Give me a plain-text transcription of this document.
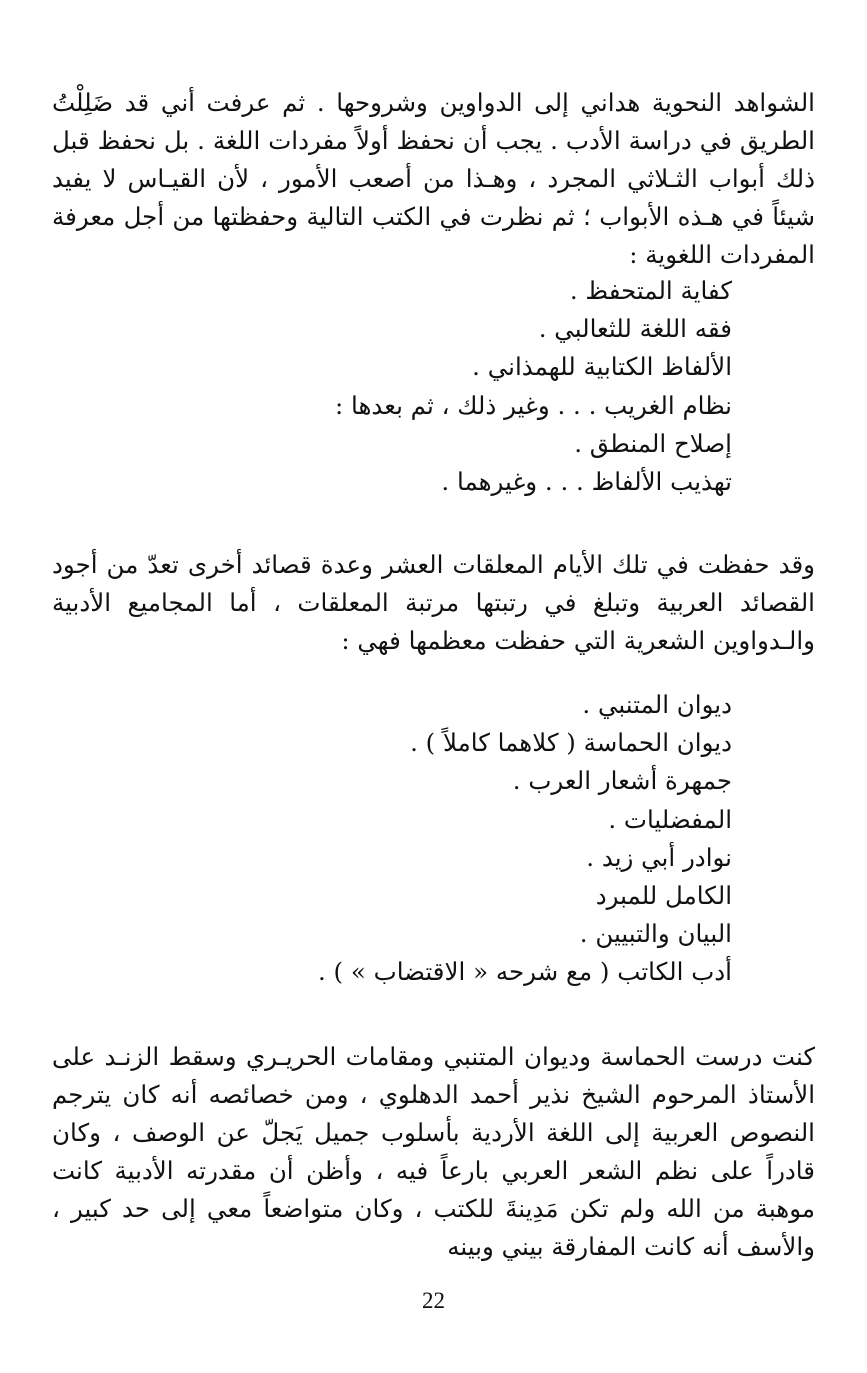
الشواهد النحوية هداني إلى الدواوين وشروحها . ثم عرفت أني قد ضَلِلْتُ الطريق في دراسة الأدب . يجب أن نحفظ أولاً مفردات اللغة . بل نحفظ قبل ذلك أبواب الثـلاثي المجرد ، وهـذا من أصعب الأمور ، لأن القيـاس لا يفيد شيئاً في هـذه الأبواب ؛ ثم نظرت في الكتب التالية وحفظتها من أجل معرفة المفردات اللغوية :

كفاية المتحفظ .
فقه اللغة للثعالبي .
الألفاظ الكتابية للهمذاني .
نظام الغريب . . . وغير ذلك ، ثم بعدها :
إصلاح المنطق .
تهذيب الألفاظ . . . وغيرهما .

وقد حفظت في تلك الأيام المعلقات العشر وعدة قصائد أخرى تعدّ من أجود القصائد العربية وتبلغ في رتبتها مرتبة المعلقات ، أما المجاميع الأدبية والـدواوين الشعرية التي حفظت معظمها فهي :

ديوان المتنبي .
ديوان الحماسة ( كلاهما كاملاً ) .
جمهرة أشعار العرب .
المفضليات .
نوادر أبي زيد .
الكامل للمبرد
البيان والتبيين .
أدب الكاتب ( مع شرحه « الاقتضاب » ) .

كنت درست الحماسة وديوان المتنبي ومقامات الحريـري وسقط الزنـد على الأستاذ المرحوم الشيخ نذير أحمد الدهلوي ، ومن خصائصه أنه كان يترجم النصوص العربية إلى اللغة الأردية بأسلوب جميل يَجلّ عن الوصف ، وكان قادراً على نظم الشعر العربي بارعاً فيه ، وأظن أن مقدرته الأدبية كانت موهبة من الله ولم تكن مَدِينةَ للكتب ، وكان متواضعاً معي إلى حد كبير ، والأسف أنه كانت المفارقة بيني وبينه

22
